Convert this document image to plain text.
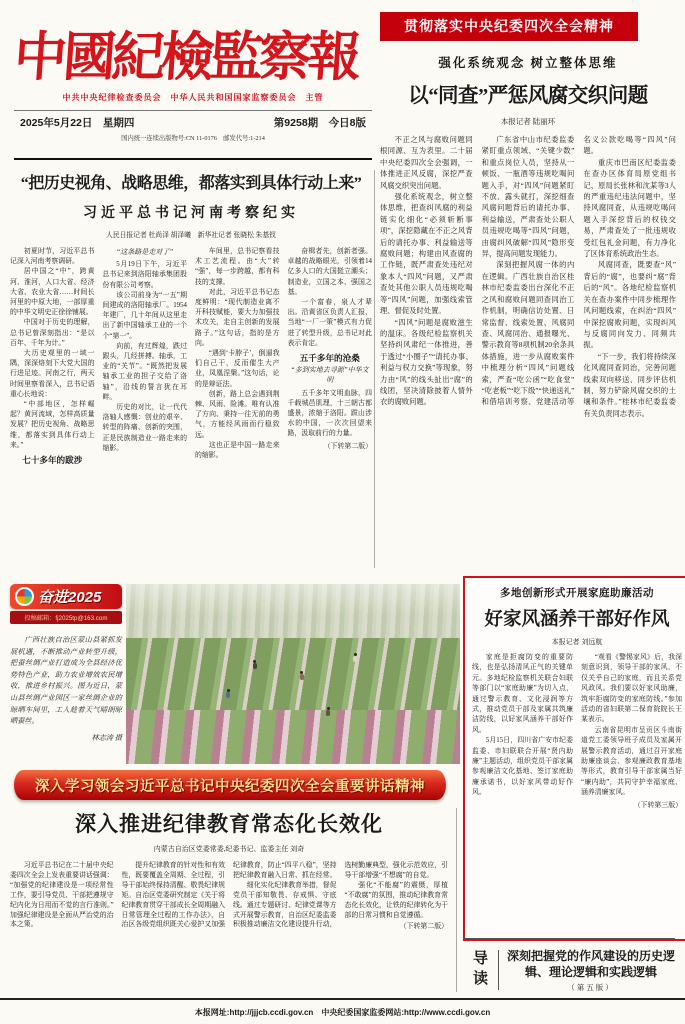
中國紀檢監察報
中共中央纪律检查委员会　中华人民共和国国家监察委员会　主管
2025年5月22日　星期四	第9258期　今日8版
国内统一连续出版物号:CN 11-0176　邮发代号:1-214
贯彻落实中央纪委四次全会精神
强化系统观念 树立整体思维
以“同查”严惩风腐交织问题
本报记者 陆丽环

不正之风与腐败问题同根同源、互为表里。二十届中央纪委四次全会强调，一体推进正风反腐，深挖严查风腐交织突出问题。

强化系统观念，树立整体思维，把查纠风腐的利益链实化细化“必须斩断事项”，深挖隐藏在不正之风背后的请托办事、利益输送等腐败问题；构建由风查腐的工作链，既严肃查处违纪对象本人“四风”问题，又严肃查处其他公职人员违规吃喝等“四风”问题，加强线索管理、督促及时处置。

“四风”问题是腐败滋生的温床。各级纪检监察机关坚持纠风肃纪一体推进，善于透过“小圈子”“请托办事、利益与权力交换”等现象，努力由“风”的线头扯出“腐”的线团，坚决清除披着人情外衣的腐败问题。

广东省中山市纪委监委紧盯重点领域、“关键少数”和重点岗位人员，坚持从一顿饭、一瓶酒等违规吃喝问题入手，对“四风”问题紧盯不放、露头就打，深挖细查风腐问题背后的请托办事、利益输送，严肃查处公职人员违规吃喝等“四风”问题，由腐纠风破解“四风”隐形变异，提高问题发现能力。

深刻把握风腐一体的内在逻辑。广西壮族自治区桂林市纪委监委出台深化不正之风和腐败问题同查同治工作机制，明确信访处置、日常监督、线索处置、风腐同查、风腐同治、通报曝光、警示教育等8项机制20余条具体措施，进一步从腐败案件中梳理分析“四风”问题线索，严查“吃公函”“吃食堂”“吃老板”“吃下级”“快递送礼”和借培训考察、党建活动等名义公款吃喝等“四风”问题。

重庆市巴南区纪委监委在查办区体育局原党组书记、原局长张林和沈某等3人的严重违纪违法问题中，坚持风腐同查，从违规吃喝问题入手深挖背后的权钱交易，严肃查处了一批违规收受红包礼金问题，有力净化了区体育系统政治生态。

风腐同查，既要查“风”背后的“腐”，也要纠“腐”背后的“风”。各地纪检监察机关在查办案件中同步梳理作风问题线索，在纠治“四风”中深挖腐败问题，实现纠风与反腐同向发力、同频共振。

“下一步，我们将持续深化风腐同查同治，完善问题线索双向移送、同步评估机制，努力铲除风腐交织的土壤和条件。”桂林市纪委监委有关负责同志表示。

“把历史视角、战略思维，都落实到具体行动上来”
习近平总书记河南考察纪实
人民日报记者 杜尚泽 胡泽曦　新华社记者 张晓松 朱基钗

初夏时节，习近平总书记深入河南考察调研。

居中国之“中”，跨黄河、淮河，人口大省、经济大省、农业大省……时间长河里的中原大地，一部厚重的中华文明史正徐徐铺展。

中国对于历史的理解，总书记曾深刻指出：“是以百年、千年为计。”

大历史观里的一域一隅，深深烙刻下大党大国的行进足迹。河南之行，两天时间里察看深入，总书记语重心长地说：

“中部地区，怎样崛起？黄河流域，怎样高质量发展？把历史视角、战略思维，都落实到具体行动上来。”

七十多年的跋涉

“这条路是走对了”

5月19日下午，习近平总书记来到洛阳轴承集团股份有限公司考察。

该公司前身为“一五”期间建成的洛阳轴承厂。1954年建厂，几十年间从这里走出了新中国轴承工业的一个个“第一”。

向前，有过辉煌，跌过跟头，几经拼搏。轴承，工业的“关节”。“既然把发展轴承工业的担子交给了洛轴”，沿线的誓言犹在耳畔。

历史的对比，让一代代洛轴人感慨：创业的艰辛、转型的阵痛、创新的突围，正是民族制造业一路走来的缩影。

车间里，总书记察看技术工艺流程。由“大”转“强”，每一步跨越，都有科技的支撑。

对此，习近平总书记态度鲜明：“现代制造业离不开科技赋能，要大力加强技术攻关，走自主创新的发展路子。”这句话，指的是方向。

“遇到‘卡脖子’，倒逼我们自己干，反而催生大产业，凤凰涅槃。”这句话，论的是辩证法。

创新，路上总会遇到荆棘、风雨、险滩。唯有认准了方向、秉持一往无前的勇气，方能经风雨而行稳致远。

这也正是中国一路走来的缩影。

奋楫者先，创新者强。卓越的战略眼光，引领着14亿多人口的大国挺立潮头；制造业，立国之本、强国之基。

一个富春，泉人才辈出。沿黄省区负责人汇报，当地“一厂一策”模式有力促进了转型升级，总书记对此表示肯定。

五千多年的沧桑

“多到实地去寻源”中华文明

五千多年文明血脉，四千载城邑肌理，十三朝古都盛景，浓缩于洛阳。跋山涉水的中国，一次次回望来路，汲取前行的力量。

（下转第二版）

奋进2025
投稿邮箱：fj2025tp@163.com
广西壮族自治区蒙山县紧抓发展机遇，不断推动产业转型升级，把蚕丝绸产业打造成为全县经济优势特色产业，助力农业增效农民增收，推进乡村振兴。图为近日，蒙山县丝绸产业园区一家丝绸企业的晾晒车间里，工人趁着天气晴朗晾晒蚕丝。
林志涛 摄
多地创新形式开展家庭助廉活动
好家风涵养干部好作风
本报记者 刘远航

家庭是拒腐防变的重要防线，也是弘扬清风正气的关键单元。多地纪检监察机关联合妇联等部门以“家庭助廉”为切入点，通过警示教育、文化浸润等方式，推动党员干部及家属共筑廉洁防线，以好家风涵养干部好作风。

5月15日，四川省广安市纪委监委、市妇联联合开展“贤内助廉”主题活动，组织党员干部家属参观廉洁文化基地、签订家庭助廉承诺书，以好家风带动好作风。

“观看《警惕家风》后，我深刻意识到，领导干部的家风，不仅关乎自己的家庭，而且关系党风政风。我们要以好家风助廉，筑牢拒腐防变的家庭防线。”参加活动的省妇联第二保育院院长王某表示。

云南省昆明市呈贡区斗南街道党工委领导班子成员及家属开展警示教育活动，通过召开家庭助廉座谈会、参观廉政教育基地等形式，教育引导干部家属当好“廉内助”，共同守护幸福家庭、涵养清廉家风。

（下转第三版）

深入学习领会习近平总书记中央纪委四次全会重要讲话精神
深入推进纪律教育常态化长效化
内蒙古自治区党委常委,纪委书记、监委主任 刘奇

习近平总书记在二十届中央纪委四次全会上发表重要讲话强调：“加强党的纪律建设是一项经常性工作，要引导党员、干部把遵规守纪内化为日用而不觉的言行准则。”加强纪律建设是全面从严治党的治本之策。

提升纪律教育的针对性和有效性，既要覆盖全周期、全过程，引导干部始终保持清醒、敬畏纪律规矩。自治区党委研究制定《关于将纪律教育贯穿干部成长全周期融入日常管理全过程的工作办法》，自治区各级党组织既关心爱护又加强纪律教育，防止“四平八稳”，坚持把纪律教育融入日常、抓在经常。

细化实化纪律教育举措，督促党员干部知敬畏、存戒惧、守底线。通过专题研讨、纪律党课等方式开展警示教育，自治区纪委监委积极推动廉洁文化建设提升行动，选树勤廉典型，强化示范效应，引导干部增强“不想腐”的自觉。

强化“不能腐”的震慑，厚植“不敢腐”的氛围，推动纪律教育常态化长效化，让铁的纪律转化为干部的日常习惯和自觉遵循。

（下转第二版）

导读 深刻把握党的作风建设的历史逻辑、理论逻辑和实践逻辑
（第五版）
本报网址:http://jjjcb.ccdi.gov.cn　中央纪委国家监委网站:http://www.ccdi.gov.cn
